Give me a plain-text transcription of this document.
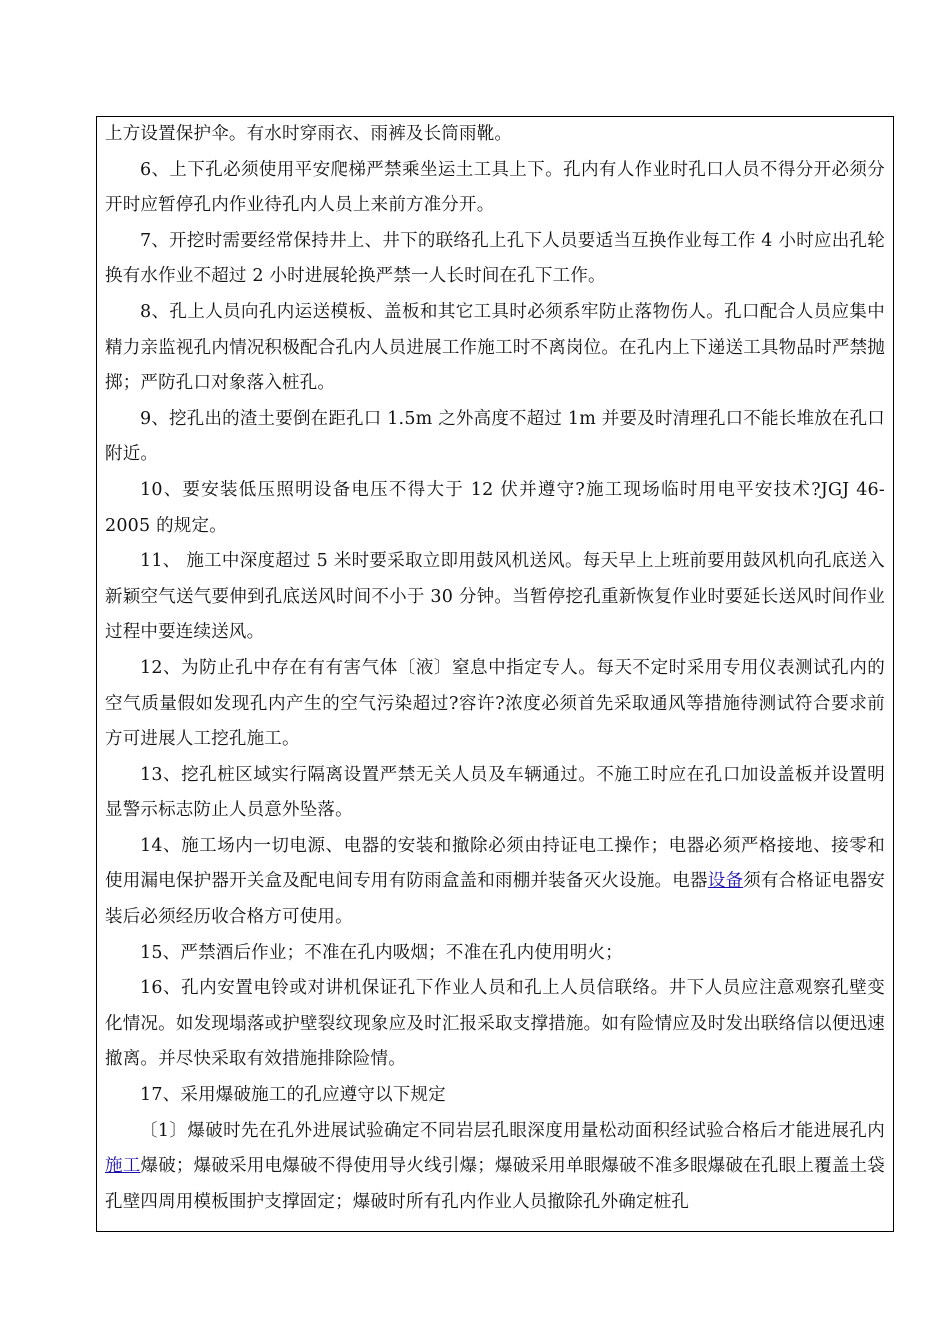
上方设置保护伞。有水时穿雨衣、雨裤及长筒雨靴。

6、上下孔必须使用平安爬梯严禁乘坐运土工具上下。孔内有人作业时孔口人员不得分开必须分开时应暂停孔内作业待孔内人员上来前方准分开。

7、开挖时需要经常保持井上、井下的联络孔上孔下人员要适当互换作业每工作 4 小时应出孔轮换有水作业不超过 2 小时进展轮换严禁一人长时间在孔下工作。

8、孔上人员向孔内运送模板、盖板和其它工具时必须系牢防止落物伤人。孔口配合人员应集中精力亲监视孔内情况积极配合孔内人员进展工作施工时不离岗位。在孔内上下递送工具物品时严禁抛掷；严防孔口对象落入桩孔。

9、挖孔出的渣土要倒在距孔口 1.5m 之外高度不超过 1m 并要及时清理孔口不能长堆放在孔口附近。

10、要安装低压照明设备电压不得大于 12 伏并遵守?施工现场临时用电平安技术?JGJ 46-2005 的规定。

11、 施工中深度超过 5 米时要采取立即用鼓风机送风。每天早上上班前要用鼓风机向孔底送入新颖空气送气要伸到孔底送风时间不小于 30 分钟。当暂停挖孔重新恢复作业时要延长送风时间作业过程中要连续送风。

12、为防止孔中存在有有害气体〔液〕窒息中指定专人。每天不定时采用专用仪表测试孔内的空气质量假如发现孔内产生的空气污染超过?容许?浓度必须首先采取通风等措施待测试符合要求前方可进展人工挖孔施工。

13、挖孔桩区域实行隔离设置严禁无关人员及车辆通过。不施工时应在孔口加设盖板并设置明显警示标志防止人员意外坠落。

14、施工场内一切电源、电器的安装和撤除必须由持证电工操作；电器必须严格接地、接零和使用漏电保护器开关盒及配电间专用有防雨盒盖和雨棚并装备灭火设施。电器设备须有合格证电器安装后必须经历收合格方可使用。

15、严禁酒后作业；不准在孔内吸烟；不准在孔内使用明火；

16、孔内安置电铃或对讲机保证孔下作业人员和孔上人员信联络。井下人员应注意观察孔壁变化情况。如发现塌落或护壁裂纹现象应及时汇报采取支撑措施。如有险情应及时发出联络信以便迅速撤离。并尽快采取有效措施排除险情。

17、采用爆破施工的孔应遵守以下规定

〔1〕爆破时先在孔外进展试验确定不同岩层孔眼深度用量松动面积经试验合格后才能进展孔内施工爆破；爆破采用电爆破不得使用导火线引爆；爆破采用单眼爆破不准多眼爆破在孔眼上覆盖土袋孔壁四周用模板围护支撑固定；爆破时所有孔内作业人员撤除孔外确定桩孔
